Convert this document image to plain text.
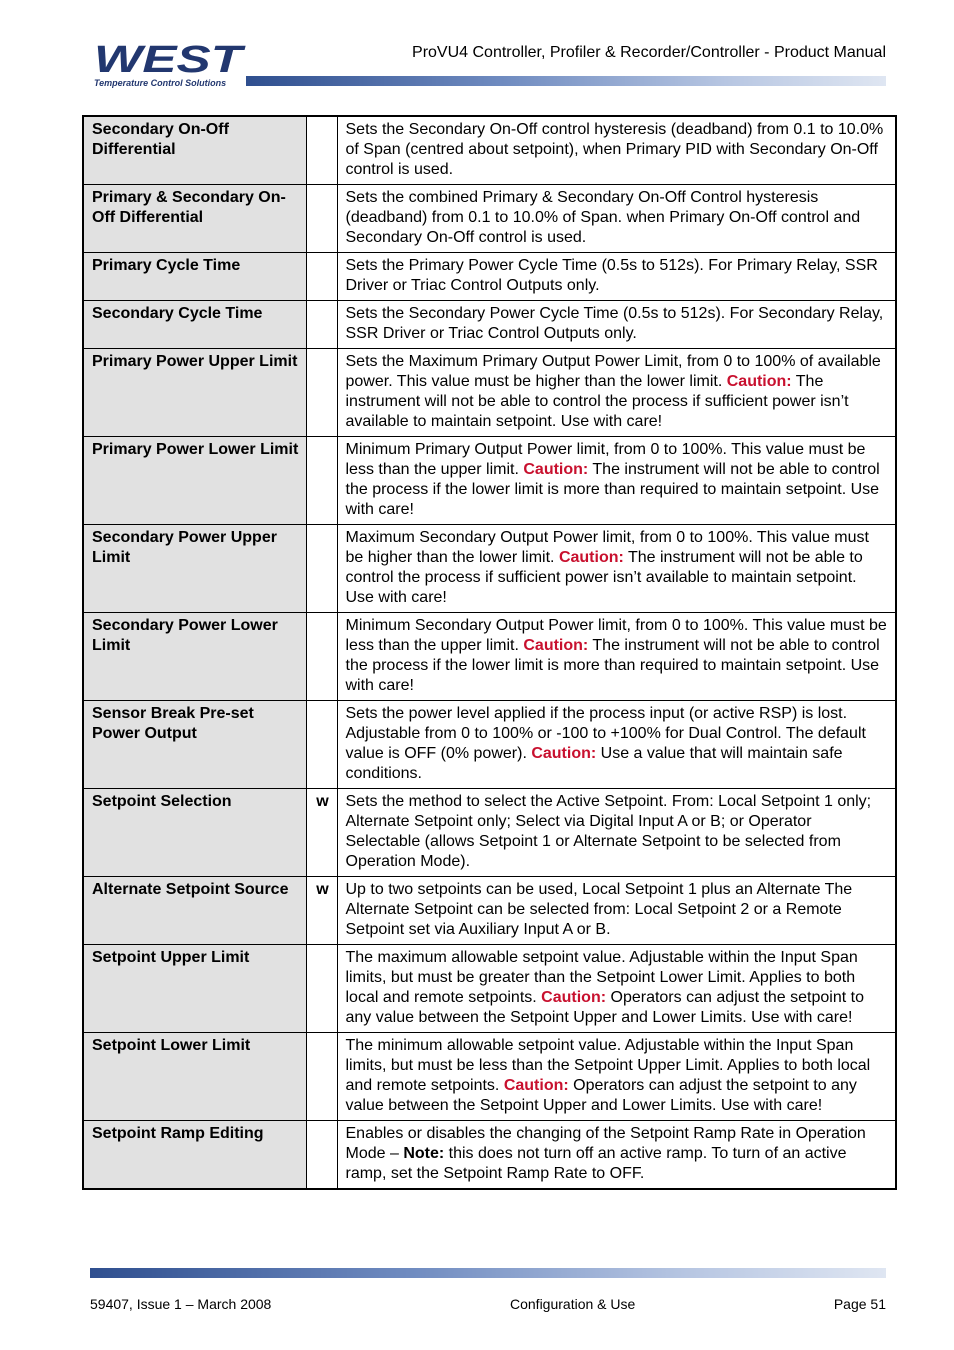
WEST
Temperature Control Solutions
ProVU4 Controller, Profiler & Recorder/Controller - Product Manual
Secondary On-Off Differential		Sets the Secondary On-Off control hysteresis (deadband) from 0.1 to 10.0% of Span (centred about setpoint), when Primary PID with Secondary On-Off control is used.
Primary & Secondary On-Off Differential		Sets the combined Primary & Secondary On-Off Control hysteresis (deadband) from 0.1 to 10.0% of Span. when Primary On-Off control and Secondary On-Off control is used.
Primary Cycle Time		Sets the Primary Power Cycle Time (0.5s to 512s). For Primary Relay, SSR Driver or Triac Control Outputs only.
Secondary Cycle Time		Sets the Secondary Power Cycle Time (0.5s to 512s). For Secondary Relay, SSR Driver or Triac Control Outputs only.
Primary Power Upper Limit		Sets the Maximum Primary Output Power Limit, from 0 to 100% of available power. This value must be higher than the lower limit. Caution: The instrument will not be able to control the process if sufficient power isn’t available to maintain setpoint. Use with care!
Primary Power Lower Limit		Minimum Primary Output Power limit, from 0 to 100%. This value must be less than the upper limit. Caution: The instrument will not be able to control the process if the lower limit is more than required to maintain setpoint. Use with care!
Secondary Power Upper Limit		Maximum Secondary Output Power limit, from 0 to 100%. This value must be higher than the lower limit. Caution: The instrument will not be able to control the process if sufficient power isn’t available to maintain setpoint. Use with care!
Secondary Power Lower Limit		Minimum Secondary Output Power limit, from 0 to 100%. This value must be less than the upper limit. Caution: The instrument will not be able to control the process if the lower limit is more than required to maintain setpoint. Use with care!
Sensor Break Pre-set Power Output		Sets the power level applied if the process input (or active RSP) is lost. Adjustable from 0 to 100% or -100 to +100% for Dual Control. The default value is OFF (0% power). Caution: Use a value that will maintain safe conditions.
Setpoint Selection	w	Sets the method to select the Active Setpoint. From: Local Setpoint 1 only; Alternate Setpoint only; Select via Digital Input A or B; or Operator Selectable (allows Setpoint 1 or Alternate Setpoint to be selected from Operation Mode).
Alternate Setpoint Source	w	Up to two setpoints can be used, Local Setpoint 1 plus an Alternate The Alternate Setpoint can be selected from: Local Setpoint 2 or a Remote Setpoint set via Auxiliary Input A or B.
Setpoint Upper Limit		The maximum allowable setpoint value. Adjustable within the Input Span limits, but must be greater than the Setpoint Lower Limit. Applies to both local and remote setpoints. Caution: Operators can adjust the setpoint to any value between the Setpoint Upper and Lower Limits. Use with care!
Setpoint Lower Limit		The minimum allowable setpoint value. Adjustable within the Input Span limits, but must be less than the Setpoint Upper Limit. Applies to both local and remote setpoints. Caution: Operators can adjust the setpoint to any value between the Setpoint Upper and Lower Limits. Use with care!
Setpoint Ramp Editing		Enables or disables the changing of the Setpoint Ramp Rate in Operation Mode – Note: this does not turn off an active ramp. To turn of an active ramp, set the Setpoint Ramp Rate to OFF.
59407, Issue 1 – March 2008	Configuration & Use	Page 51
